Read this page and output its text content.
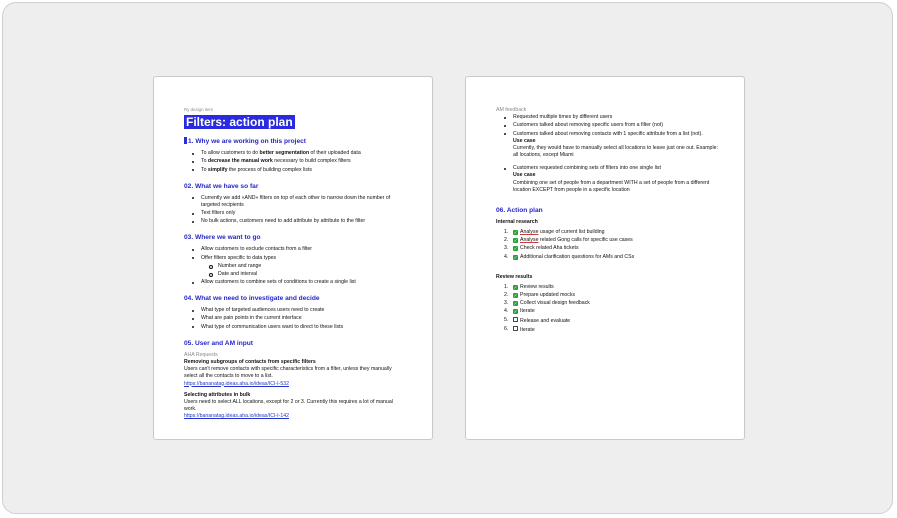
Ry design item
Filters: action plan
1. Why we are working on this project
To allow customers to do better segmentation of their uploaded data
To decrease the manual work necessary to build complex filters
To simplify the process of building complex lists
02. What we have so far
Currently we add «AND» filters on top of each other to narrow down the number of targeted recipients
Text filters only
No bulk actions, customers need to add attribute by attribute to the filter
03. Where we want to go
Allow customers to exclude contacts from a filter
Offer filters specific to data types
Number and range
Date and interval
Allow customers to combine sets of conditions to create a single list
04. What we need to investigate and decide
What type of targeted audiences users need to create
What are pain points in the current interface
What type of communication users want to direct to these lists
05. User and AM input
AHA Requests
Removing subgroups of contacts from specific filters
Users can't remove contacts with specific characteristics from a filter, unless they manually select all the contacts to move to a list.
https://bananatag.ideas.aha.io/ideas/ICI-I-532
Selecting attributes in bulk
Users need to select ALL locations, except for 2 or 3. Currently this requires a lot of manual work.
https://bananatag.ideas.aha.io/ideas/ICI-I-142
AM feedback
Requested multiple times by different users
Customers talked about removing specific users from a filter (not)
Customers talked about removing contacts with 1 specific attribute from a list (not).
Use case
Currently, they would have to manually select all locations to leave just one out. Example: all locations, except Miami
Customers requested combining sets of filters into one single list
Use case
Combining one set of people from a department WITH a set of people from a different location EXCEPT from people in a specific location
06. Action plan
Internal research
1. ✓ Analyse usage of current list building
2. ✓ Analyse related Gong calls for specific use cases
3. ✓ Check related Aha tickets
4. ✓ Additional clarification questions for AMs and CSs
Review results
1. ✓ Review results
2. ✓ Prepare updated mocks
3. ✓ Collect visual design feedback
4. ✓ Iterate
5. Release and evaluate
6. Iterate
